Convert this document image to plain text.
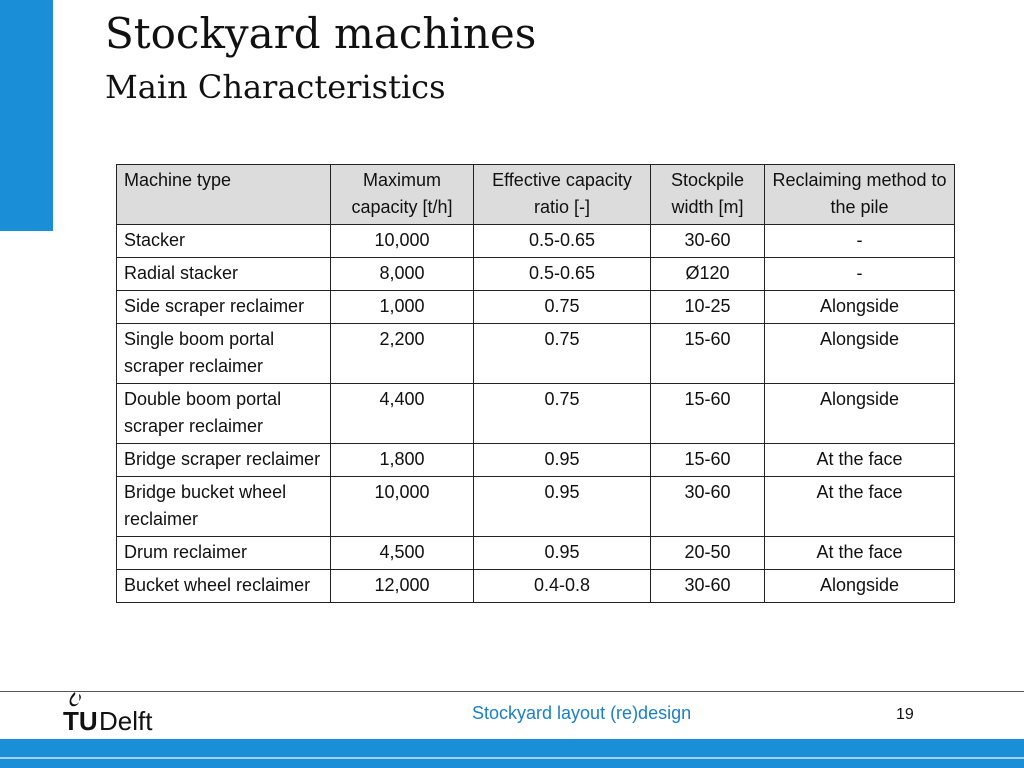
Stockyard machines
Main Characteristics
Machine type	Maximum capacity [t/h]	Effective capacity ratio [-]	Stockpile width [m]	Reclaiming method to the pile
Stacker	10,000	0.5-0.65	30-60	-
Radial stacker	8,000	0.5-0.65	Ø120	-
Side scraper reclaimer	1,000	0.75	10-25	Alongside
Single boom portal scraper reclaimer	2,200	0.75	15-60	Alongside
Double boom portal scraper reclaimer	4,400	0.75	15-60	Alongside
Bridge scraper reclaimer	1,800	0.95	15-60	At the face
Bridge bucket wheel reclaimer	10,000	0.95	30-60	At the face
Drum reclaimer	4,500	0.95	20-50	At the face
Bucket wheel reclaimer	12,000	0.4-0.8	30-60	Alongside
TU Delft	Stockyard layout (re)design	19
